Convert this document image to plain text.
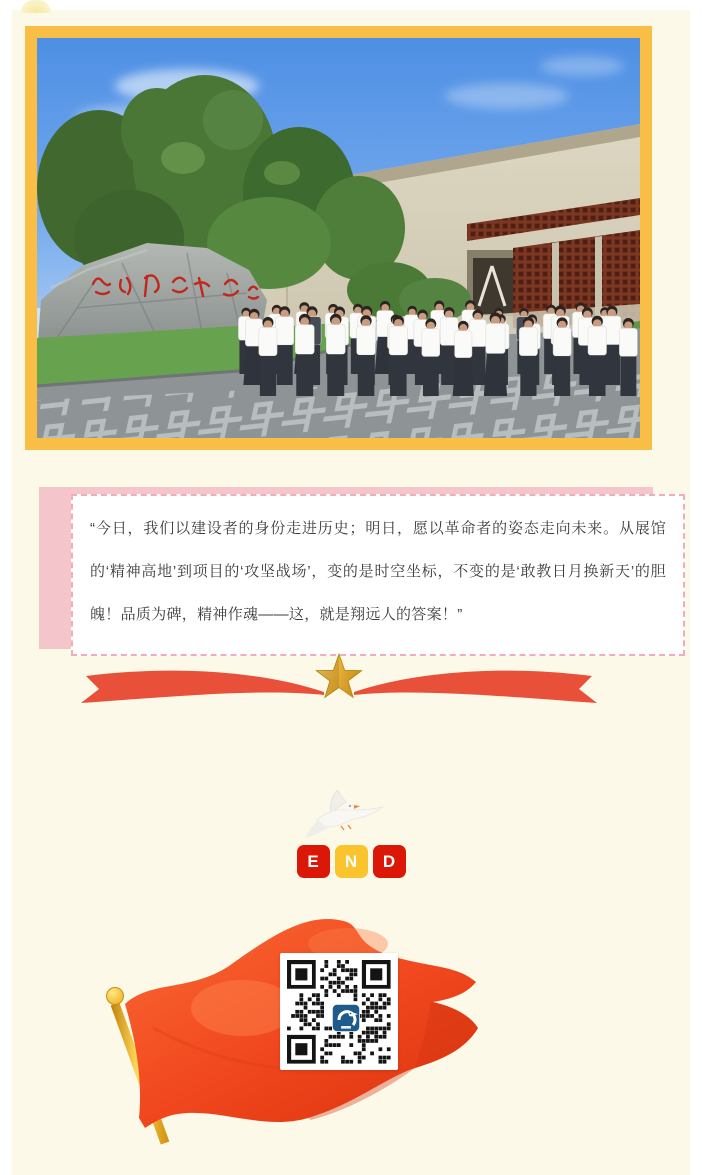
“今日，我们以建设者的身份走进历史；明日，愿以革命者的姿态走向未来。从展馆的‘精神高地’到项目的‘攻坚战场’，变的是时空坐标，不变的是‘敢教日月换新天’的胆魄！品质为碑，精神作魂——这，就是翔远人的答案！”

E	N	D
